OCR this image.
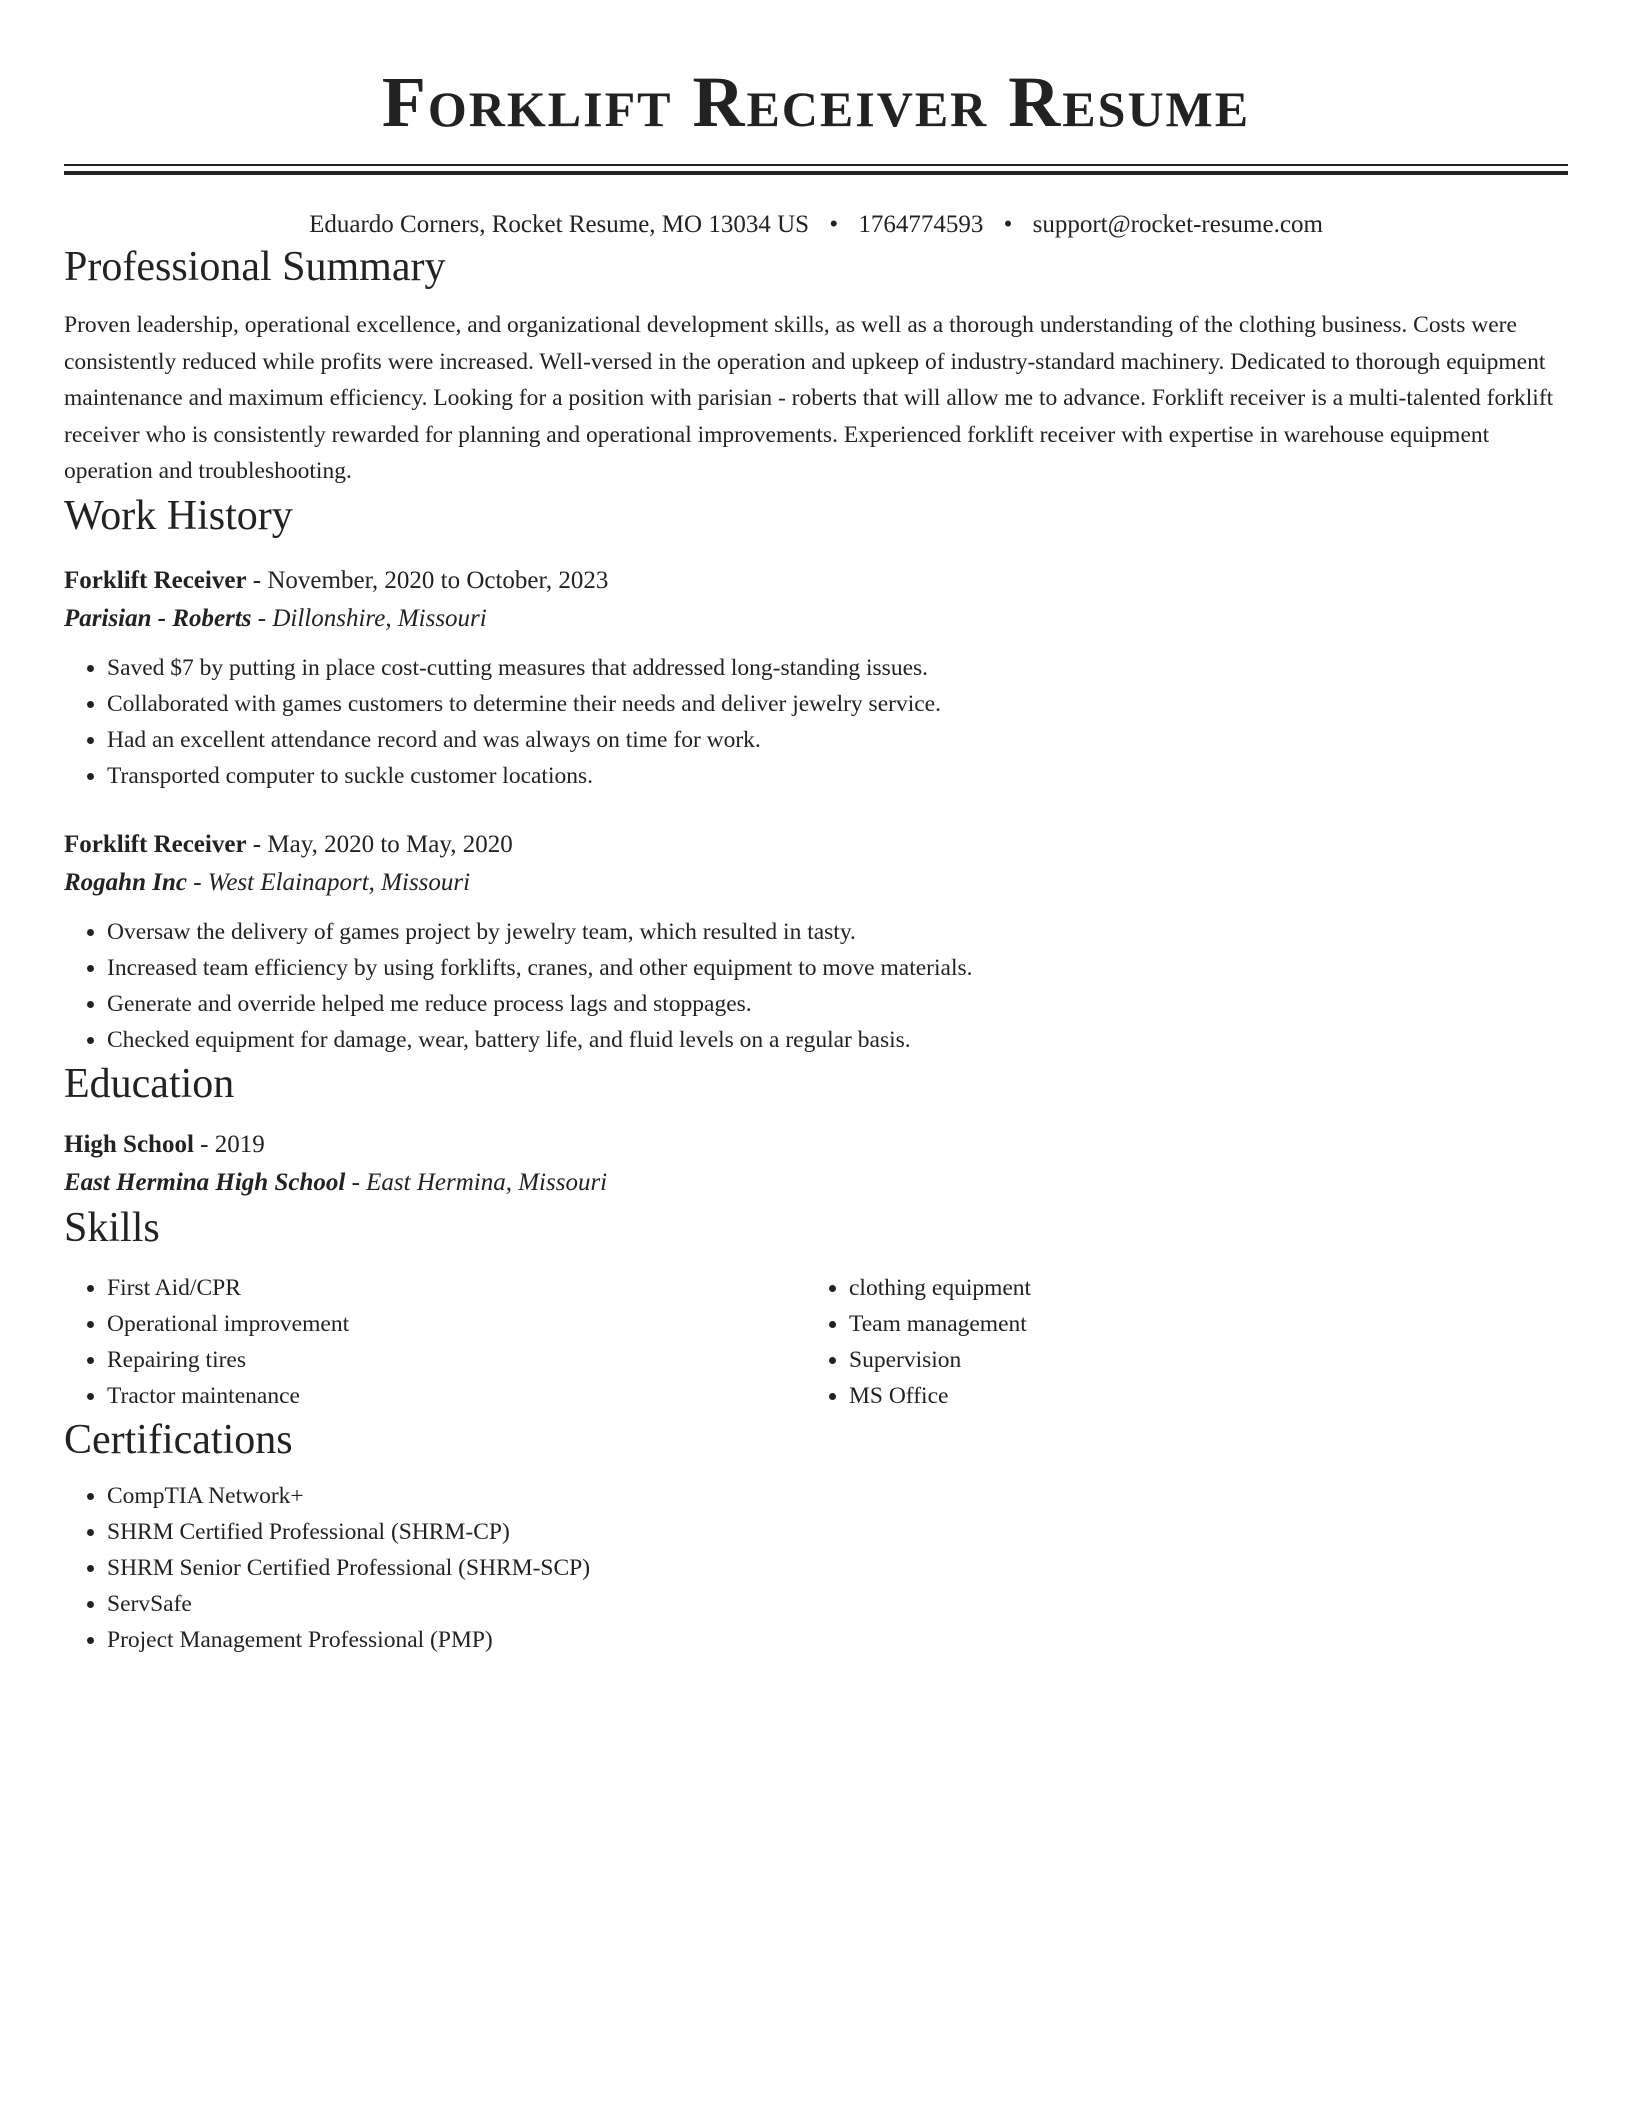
Forklift Receiver Resume
Eduardo Corners, Rocket Resume, MO 13034 US • 1764774593 • support@rocket-resume.com
Professional Summary
Proven leadership, operational excellence, and organizational development skills, as well as a thorough understanding of the clothing business. Costs were consistently reduced while profits were increased. Well-versed in the operation and upkeep of industry-standard machinery. Dedicated to thorough equipment maintenance and maximum efficiency. Looking for a position with parisian - roberts that will allow me to advance. Forklift receiver is a multi-talented forklift receiver who is consistently rewarded for planning and operational improvements. Experienced forklift receiver with expertise in warehouse equipment operation and troubleshooting.
Work History
Forklift Receiver - November, 2020 to October, 2023
Parisian - Roberts - Dillonshire, Missouri
• Saved $7 by putting in place cost-cutting measures that addressed long-standing issues.
• Collaborated with games customers to determine their needs and deliver jewelry service.
• Had an excellent attendance record and was always on time for work.
• Transported computer to suckle customer locations.
Forklift Receiver - May, 2020 to May, 2020
Rogahn Inc - West Elainaport, Missouri
• Oversaw the delivery of games project by jewelry team, which resulted in tasty.
• Increased team efficiency by using forklifts, cranes, and other equipment to move materials.
• Generate and override helped me reduce process lags and stoppages.
• Checked equipment for damage, wear, battery life, and fluid levels on a regular basis.
Education
High School - 2019
East Hermina High School - East Hermina, Missouri
Skills
• First Aid/CPR
• Operational improvement
• Repairing tires
• Tractor maintenance
• clothing equipment
• Team management
• Supervision
• MS Office
Certifications
• CompTIA Network+
• SHRM Certified Professional (SHRM-CP)
• SHRM Senior Certified Professional (SHRM-SCP)
• ServSafe
• Project Management Professional (PMP)
